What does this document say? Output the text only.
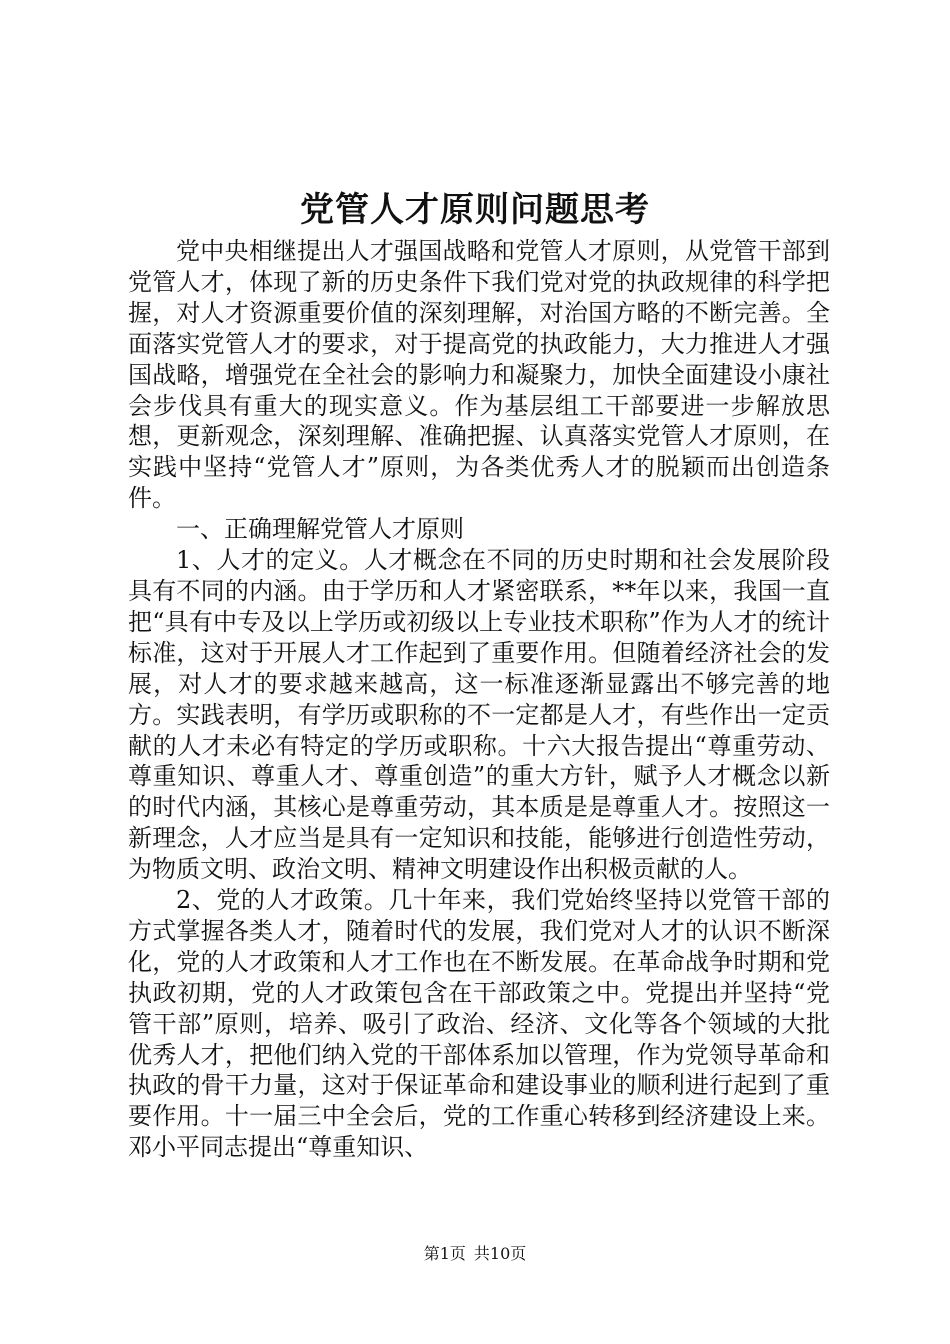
党管人才原则问题思考

党中央相继提出人才强国战略和党管人才原则，从党管干部到党管人才，体现了新的历史条件下我们党对党的执政规律的科学把握，对人才资源重要价值的深刻理解，对治国方略的不断完善。全面落实党管人才的要求，对于提高党的执政能力，大力推进人才强国战略，增强党在全社会的影响力和凝聚力，加快全面建设小康社会步伐具有重大的现实意义。作为基层组工干部要进一步解放思想，更新观念，深刻理解、准确把握、认真落实党管人才原则，在实践中坚持“党管人才”原则，为各类优秀人才的脱颖而出创造条件。

一、正确理解党管人才原则

1、人才的定义。人才概念在不同的历史时期和社会发展阶段具有不同的内涵。由于学历和人才紧密联系，**年以来，我国一直把“具有中专及以上学历或初级以上专业技术职称”作为人才的统计标准，这对于开展人才工作起到了重要作用。但随着经济社会的发展，对人才的要求越来越高，这一标准逐渐显露出不够完善的地方。实践表明，有学历或职称的不一定都是人才，有些作出一定贡献的人才未必有特定的学历或职称。十六大报告提出“尊重劳动、尊重知识、尊重人才、尊重创造”的重大方针，赋予人才概念以新的时代内涵，其核心是尊重劳动，其本质是是尊重人才。按照这一新理念，人才应当是具有一定知识和技能，能够进行创造性劳动，为物质文明、政治文明、精神文明建设作出积极贡献的人。

2、党的人才政策。几十年来，我们党始终坚持以党管干部的方式掌握各类人才，随着时代的发展，我们党对人才的认识不断深化，党的人才政策和人才工作也在不断发展。在革命战争时期和党执政初期，党的人才政策包含在干部政策之中。党提出并坚持“党管干部”原则，培养、吸引了政治、经济、文化等各个领域的大批优秀人才，把他们纳入党的干部体系加以管理，作为党领导革命和执政的骨干力量，这对于保证革命和建设事业的顺利进行起到了重要作用。十一届三中全会后，党的工作重心转移到经济建设上来。邓小平同志提出“尊重知识、

第1页 共10页
